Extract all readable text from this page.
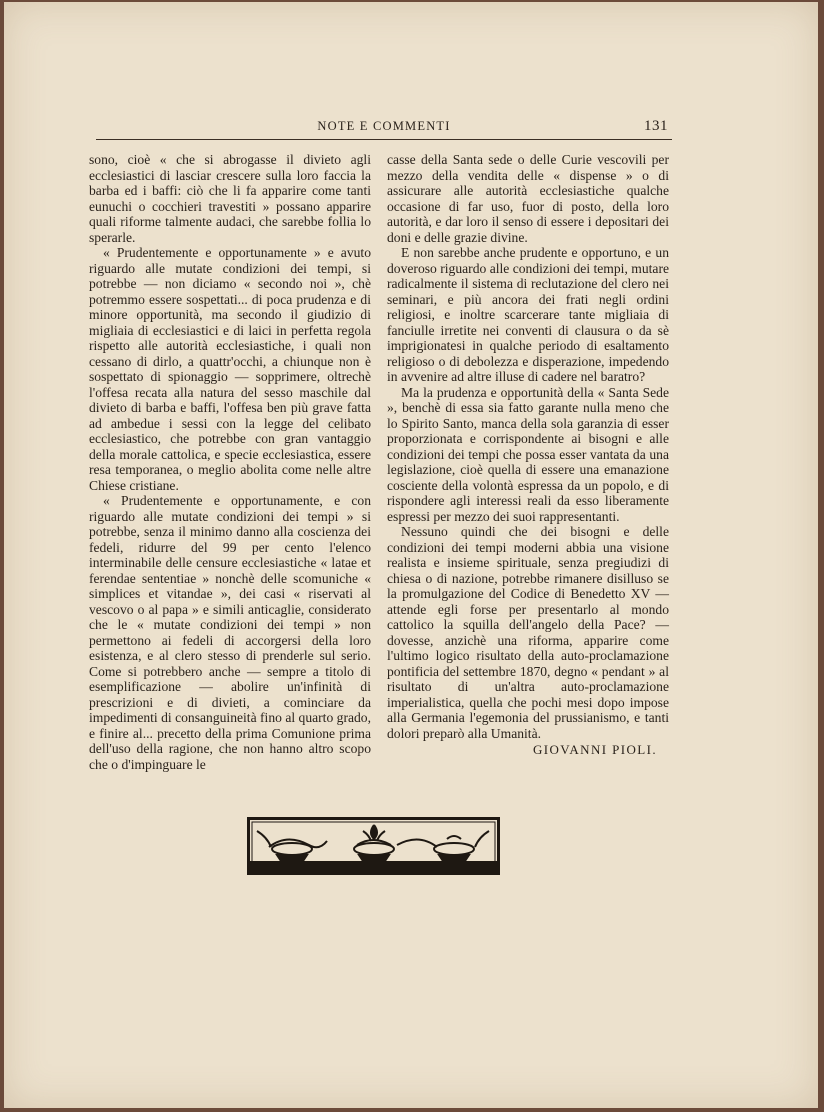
NOTE E COMMENTI	131

sono, cioè « che si abrogasse il divieto agli ecclesiastici di lasciar crescere sulla loro faccia la barba ed i baffi: ciò che li fa apparire come tanti eunuchi o cocchieri travestiti » possano apparire quali riforme talmente audaci, che sarebbe follia lo sperarle.

« Prudentemente e opportunamente » e avuto riguardo alle mutate condizioni dei tempi, si potrebbe — non diciamo « secondo noi », chè potremmo essere sospettati... di poca prudenza e di minore opportunità, ma secondo il giudizio di migliaia di ecclesiastici e di laici in perfetta regola rispetto alle autorità ecclesiastiche, i quali non cessano di dirlo, a quattr'occhi, a chiunque non è sospettato di spionaggio — sopprimere, oltrechè l'offesa recata alla natura del sesso maschile dal divieto di barba e baffi, l'offesa ben più grave fatta ad ambedue i sessi con la legge del celibato ecclesiastico, che potrebbe con gran vantaggio della morale cattolica, e specie ecclesiastica, essere resa temporanea, o meglio abolita come nelle altre Chiese cristiane.

« Prudentemente e opportunamente, e con riguardo alle mutate condizioni dei tempi » si potrebbe, senza il minimo danno alla coscienza dei fedeli, ridurre del 99 per cento l'elenco interminabile delle censure ecclesiastiche « latae et ferendae sententiae » nonchè delle scomuniche « simplices et vitandae », dei casi « riservati al vescovo o al papa » e simili anticaglie, considerato che le « mutate condizioni dei tempi » non permettono ai fedeli di accorgersi della loro esistenza, e al clero stesso di prenderle sul serio. Come si potrebbero anche — sempre a titolo di esemplificazione — abolire un'infinità di prescrizioni e di divieti, a cominciare da impedimenti di consanguineità fino al quarto grado, e finire al... precetto della prima Comunione prima dell'uso della ragione, che non hanno altro scopo che o d'impinguare le

casse della Santa sede o delle Curie vescovili per mezzo della vendita delle « dispense » o di assicurare alle autorità ecclesiastiche qualche occasione di far uso, fuor di posto, della loro autorità, e dar loro il senso di essere i depositari dei doni e delle grazie divine.

E non sarebbe anche prudente e opportuno, e un doveroso riguardo alle condizioni dei tempi, mutare radicalmente il sistema di reclutazione del clero nei seminari, e più ancora dei frati negli ordini religiosi, e inoltre scarcerare tante migliaia di fanciulle irretite nei conventi di clausura o da sè imprigionatesi in qualche periodo di esaltamento religioso o di debolezza e disperazione, impedendo in avvenire ad altre illuse di cadere nel baratro?

Ma la prudenza e opportunità della « Santa Sede », benchè di essa sia fatto garante nulla meno che lo Spirito Santo, manca della sola garanzia di esser proporzionata e corrispondente ai bisogni e alle condizioni dei tempi che possa esser vantata da una legislazione, cioè quella di essere una emanazione cosciente della volontà espressa da un popolo, e di rispondere agli interessi reali da esso liberamente espressi per mezzo dei suoi rappresentanti.

Nessuno quindi che dei bisogni e delle condizioni dei tempi moderni abbia una visione realista e insieme spirituale, senza pregiudizi di chiesa o di nazione, potrebbe rimanere disilluso se la promulgazione del Codice di Benedetto XV — attende egli forse per presentarlo al mondo cattolico la squilla dell'angelo della Pace? — dovesse, anzichè una riforma, apparire come l'ultimo logico risultato della auto-proclamazione pontificia del settembre 1870, degno « pendant » al risultato di un'altra auto-proclamazione imperialistica, quella che pochi mesi dopo impose alla Germania l'egemonia del prussianismo, e tanti dolori preparò alla Umanità.

GIOVANNI PIOLI.
